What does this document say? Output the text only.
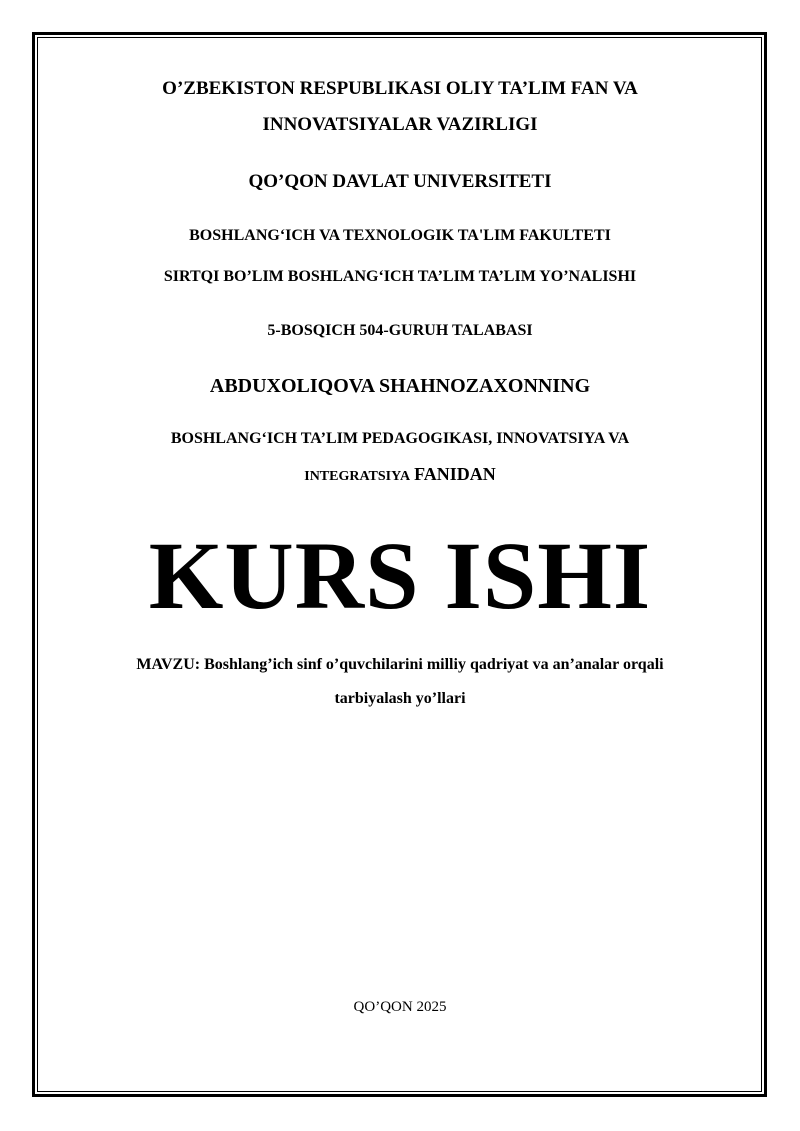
O’ZBEKISTON RESPUBLIKASI OLIY TA’LIM FAN VA
INNOVATSIYALAR VAZIRLIGI
QO’QON DAVLAT UNIVERSITETI
BOSHLANG‘ICH VA TEXNOLOGIK TA'LIM FAKULTETI
SIRTQI BO’LIM BOSHLANG‘ICH TA’LIM TA’LIM YO’NALISHI
5-BOSQICH 504-GURUH TALABASI
ABDUXOLIQOVA SHAHNOZAXONNING
BOSHLANG‘ICH TA’LIM PEDAGOGIKASI, INNOVATSIYA VA
INTEGRATSIYA FANIDAN
KURS ISHI
MAVZU: Boshlang’ich sinf o’quvchilarini milliy qadriyat va an’analar orqali
tarbiyalash yo’llari
QO’QON 2025
